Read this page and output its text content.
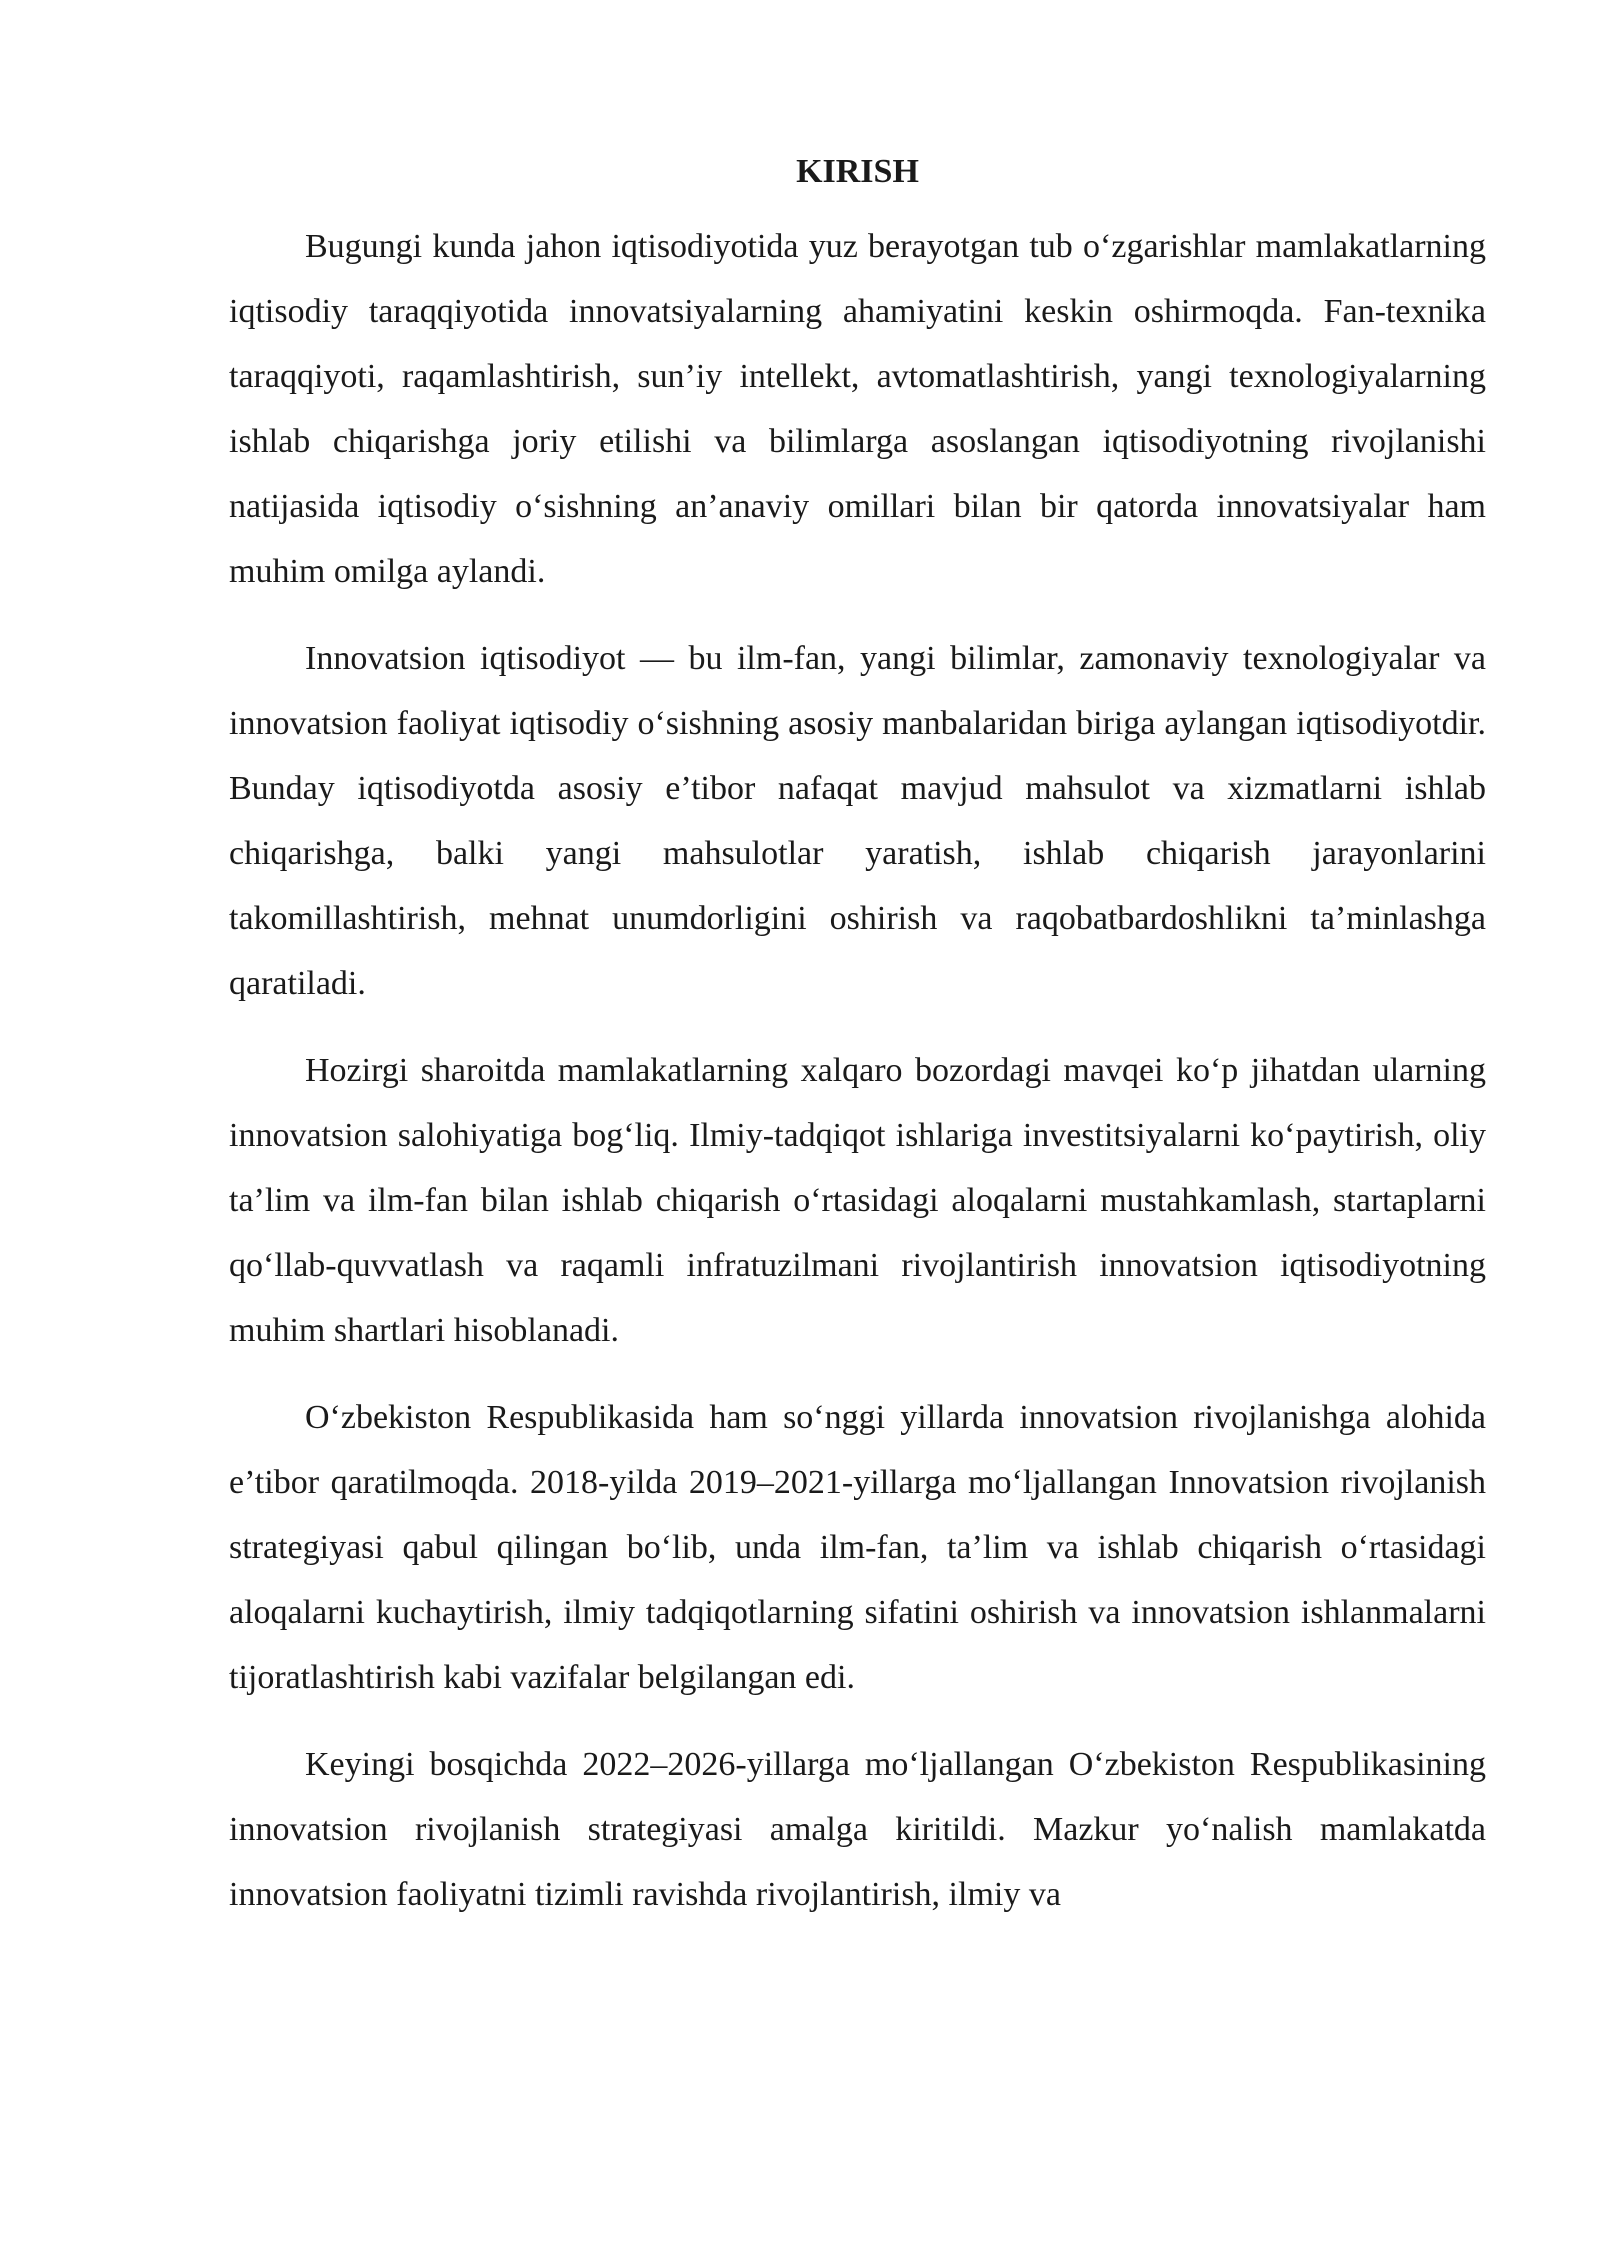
KIRISH

Bugungi kunda jahon iqtisodiyotida yuz berayotgan tub o‘zgarishlar mamlakatlarning iqtisodiy taraqqiyotida innovatsiyalarning ahamiyatini keskin oshirmoqda. Fan-texnika taraqqiyoti, raqamlashtirish, sun’iy intellekt, avtomatlashtirish, yangi texnologiyalarning ishlab chiqarishga joriy etilishi va bilimlarga asoslangan iqtisodiyotning rivojlanishi natijasida iqtisodiy o‘sishning an’anaviy omillari bilan bir qatorda innovatsiyalar ham muhim omilga aylandi.

Innovatsion iqtisodiyot — bu ilm-fan, yangi bilimlar, zamonaviy texnologiyalar va innovatsion faoliyat iqtisodiy o‘sishning asosiy manbalaridan biriga aylangan iqtisodiyotdir. Bunday iqtisodiyotda asosiy e’tibor nafaqat mavjud mahsulot va xizmatlarni ishlab chiqarishga, balki yangi mahsulotlar yaratish, ishlab chiqarish jarayonlarini takomillashtirish, mehnat unumdorligini oshirish va raqobatbardoshlikni ta’minlashga qaratiladi.

Hozirgi sharoitda mamlakatlarning xalqaro bozordagi mavqei ko‘p jihatdan ularning innovatsion salohiyatiga bog‘liq. Ilmiy-tadqiqot ishlariga investitsiyalarni ko‘paytirish, oliy ta’lim va ilm-fan bilan ishlab chiqarish o‘rtasidagi aloqalarni mustahkamlash, startaplarni qo‘llab-quvvatlash va raqamli infratuzilmani rivojlantirish innovatsion iqtisodiyotning muhim shartlari hisoblanadi.

O‘zbekiston Respublikasida ham so‘nggi yillarda innovatsion rivojlanishga alohida e’tibor qaratilmoqda. 2018-yilda 2019–2021-yillarga mo‘ljallangan Innovatsion rivojlanish strategiyasi qabul qilingan bo‘lib, unda ilm-fan, ta’lim va ishlab chiqarish o‘rtasidagi aloqalarni kuchaytirish, ilmiy tadqiqotlarning sifatini oshirish va innovatsion ishlanmalarni tijoratlashtirish kabi vazifalar belgilangan edi.

Keyingi bosqichda 2022–2026-yillarga mo‘ljallangan O‘zbekiston Respublikasining innovatsion rivojlanish strategiyasi amalga kiritildi. Mazkur yo‘nalish mamlakatda innovatsion faoliyatni tizimli ravishda rivojlantirish, ilmiy va
